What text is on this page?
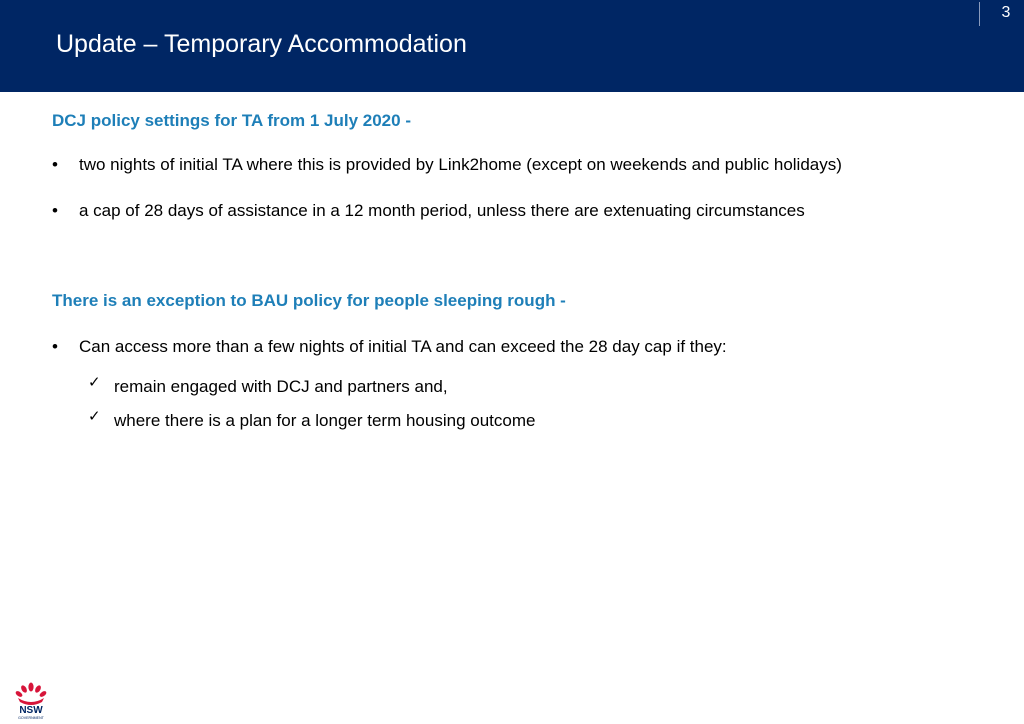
Update – Temporary Accommodation
3
DCJ policy settings for TA from 1 July 2020 -
• two nights of initial TA where this is provided by Link2home (except on weekends and public holidays)
• a cap of 28 days of assistance in a 12 month period, unless there are extenuating circumstances
There is an exception to BAU policy for people sleeping rough -
• Can access more than a few nights of initial TA and can exceed the 28 day cap if they:
✓ remain engaged with DCJ and partners and,
✓ where there is a plan for a longer term housing outcome
NSW
GOVERNMENT
